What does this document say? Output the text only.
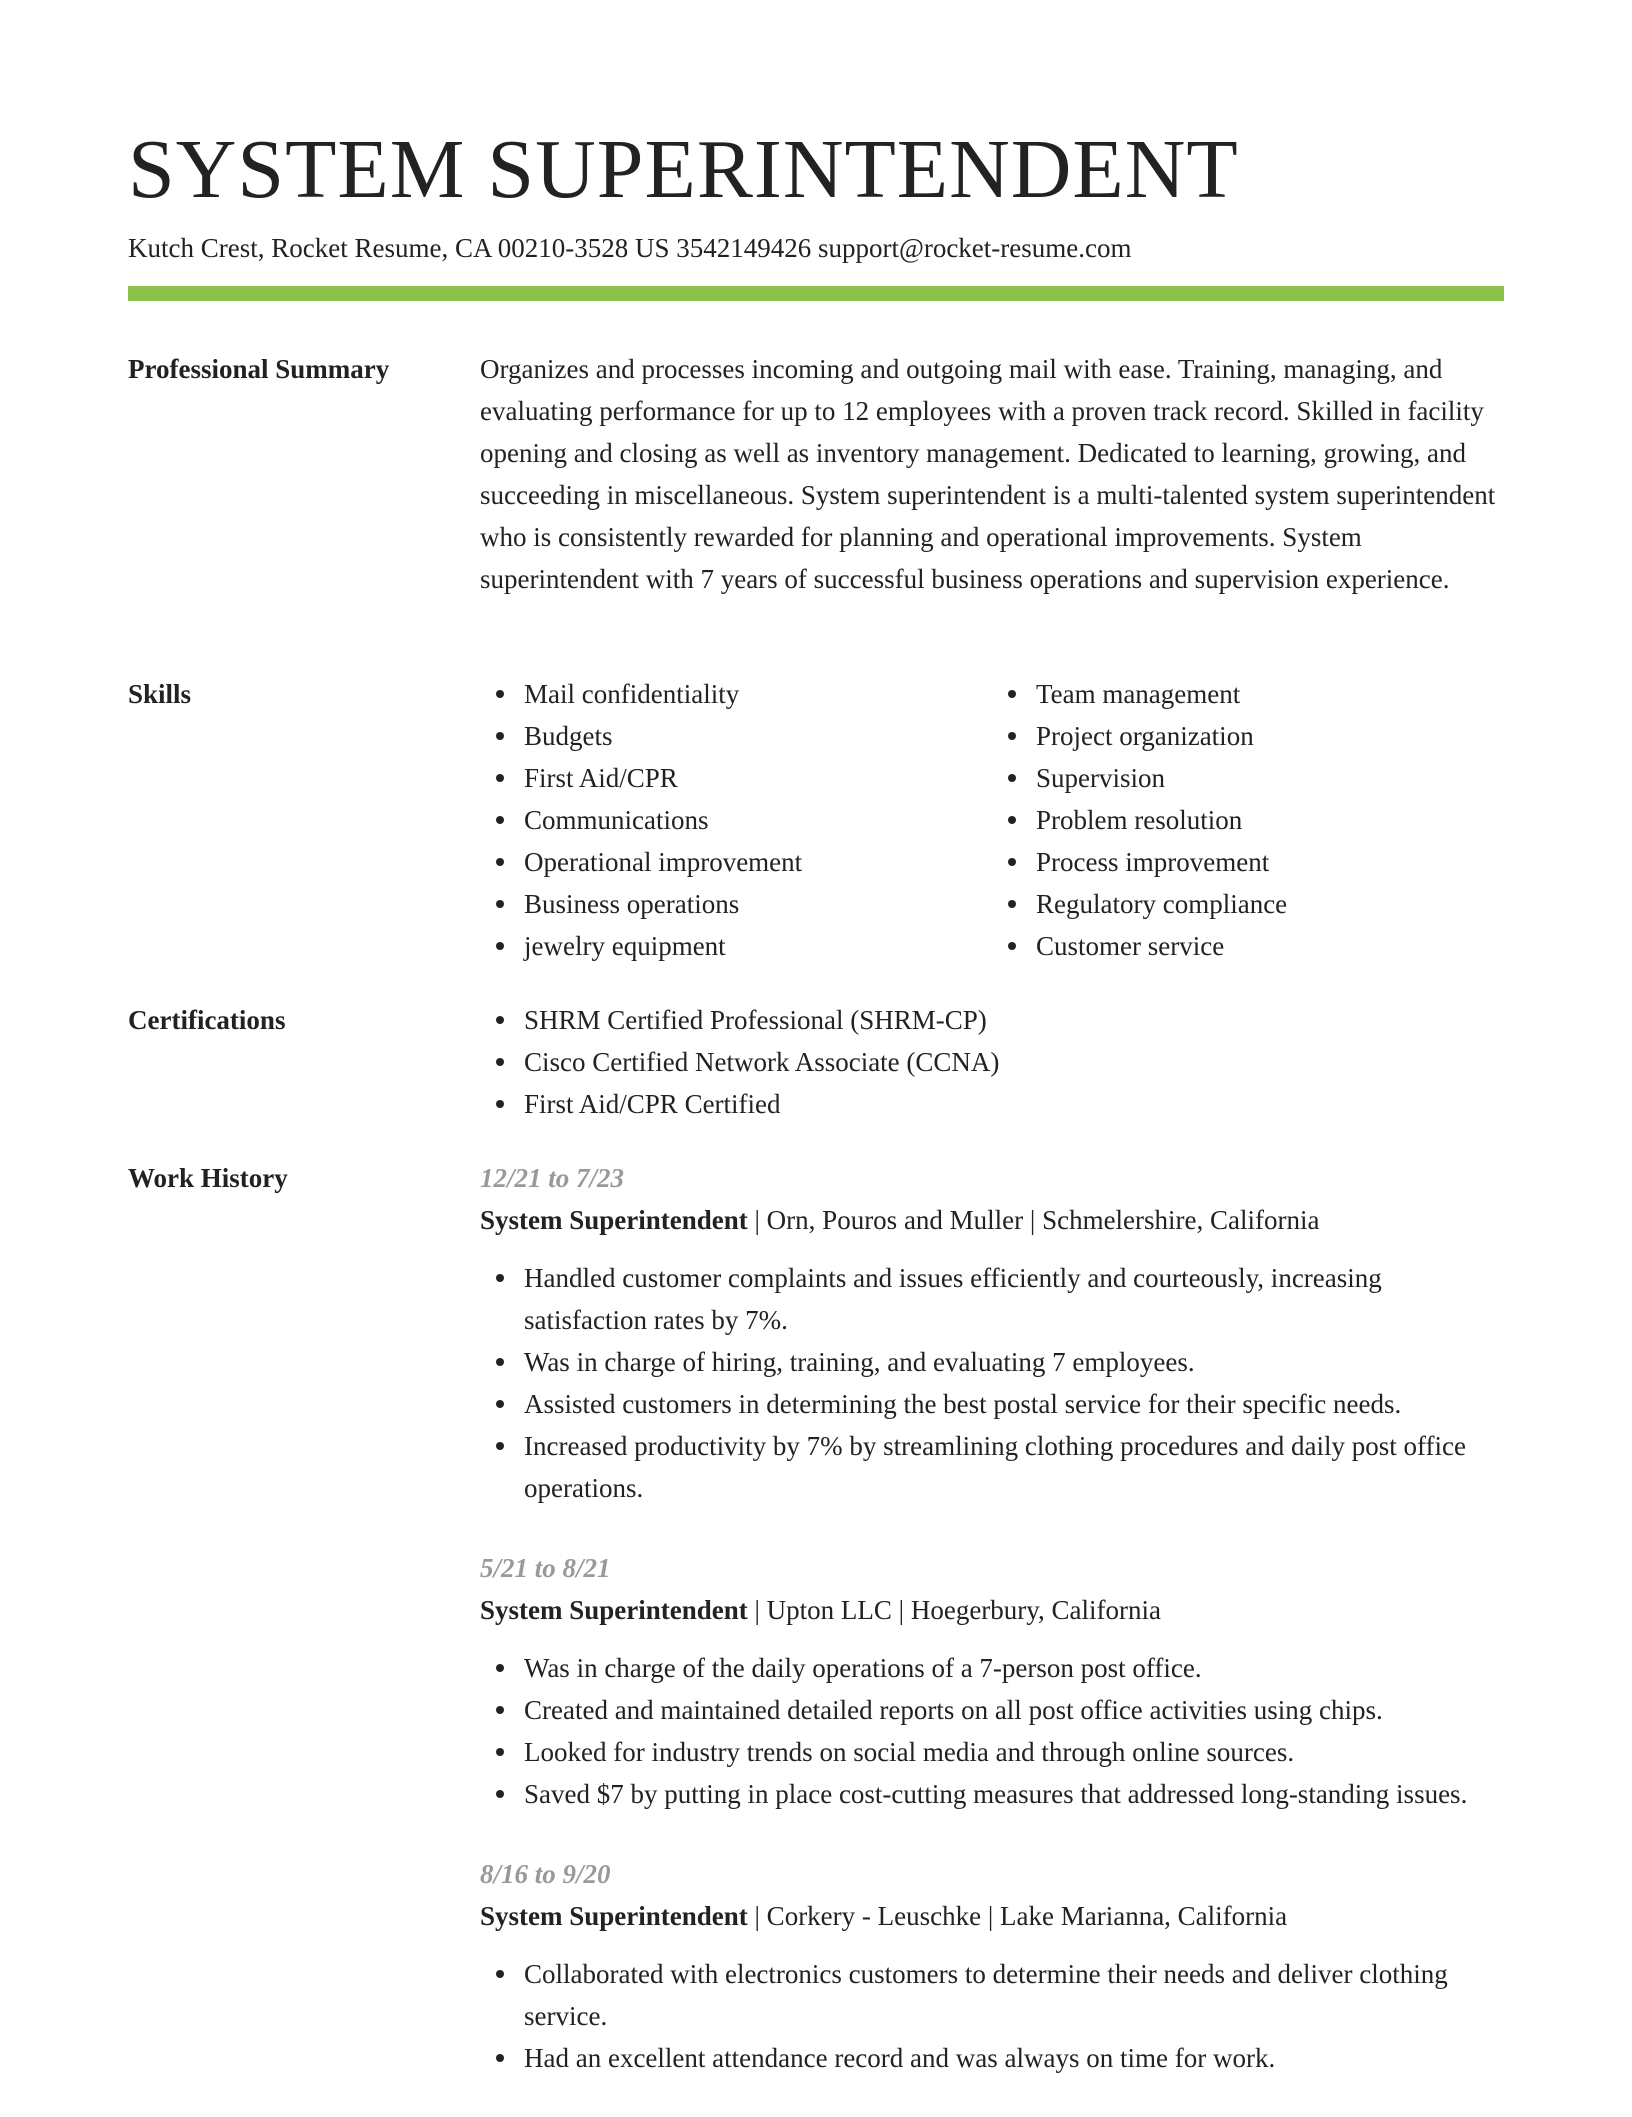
SYSTEM SUPERINTENDENT
Kutch Crest, Rocket Resume, CA 00210-3528 US 3542149426 support@rocket-resume.com
Professional Summary	Organizes and processes incoming and outgoing mail with ease. Training, managing, and evaluating performance for up to 12 employees with a proven track record. Skilled in facility opening and closing as well as inventory management. Dedicated to learning, growing, and succeeding in miscellaneous. System superintendent is a multi-talented system superintendent who is consistently rewarded for planning and operational improvements. System superintendent with 7 years of successful business operations and supervision experience.

Skills	Mail confidentiality
Budgets
First Aid/CPR
Communications
Operational improvement
Business operations
jewelry equipment
Team management
Project organization
Supervision
Problem resolution
Process improvement
Regulatory compliance
Customer service
Certifications	SHRM Certified Professional (SHRM-CP)
Cisco Certified Network Associate (CCNA)
First Aid/CPR Certified
Work History	12/21 to 7/23
System Superintendent | Orn, Pouros and Muller | Schmelershire, California
Handled customer complaints and issues efficiently and courteously, increasing satisfaction rates by 7%.
Was in charge of hiring, training, and evaluating 7 employees.
Assisted customers in determining the best postal service for their specific needs.
Increased productivity by 7% by streamlining clothing procedures and daily post office operations.
5/21 to 8/21
System Superintendent | Upton LLC | Hoegerbury, California
Was in charge of the daily operations of a 7-person post office.
Created and maintained detailed reports on all post office activities using chips.
Looked for industry trends on social media and through online sources.
Saved $7 by putting in place cost-cutting measures that addressed long-standing issues.
8/16 to 9/20
System Superintendent | Corkery - Leuschke | Lake Marianna, California
Collaborated with electronics customers to determine their needs and deliver clothing service.
Had an excellent attendance record and was always on time for work.
